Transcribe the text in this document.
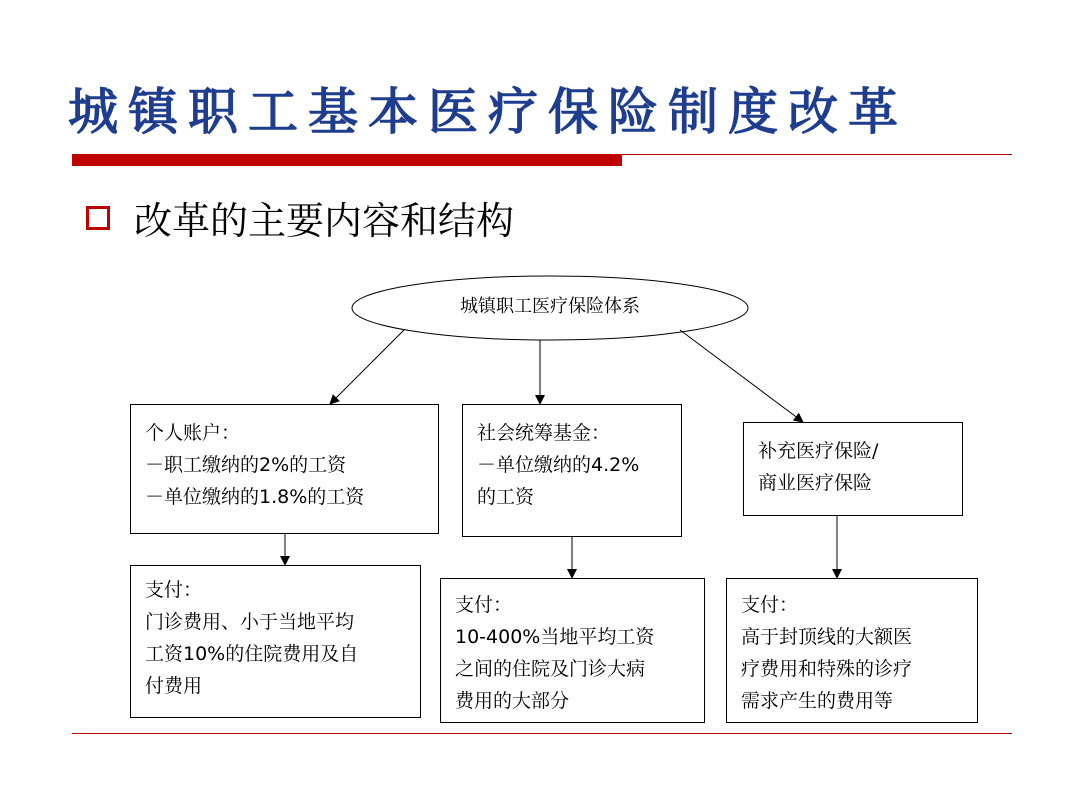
城镇职工基本医疗保险制度改革
改革的主要内容和结构
城镇职工医疗保险体系
个人账户：
－职工缴纳的2%的工资
－单位缴纳的1.8%的工资
社会统筹基金：
－单位缴纳的4.2%
的工资
补充医疗保险/
商业医疗保险
支付：
门诊费用、小于当地平均
工资10%的住院费用及自
付费用
支付：
10-400%当地平均工资
之间的住院及门诊大病
费用的大部分
支付：
高于封顶线的大额医
疗费用和特殊的诊疗
需求产生的费用等
